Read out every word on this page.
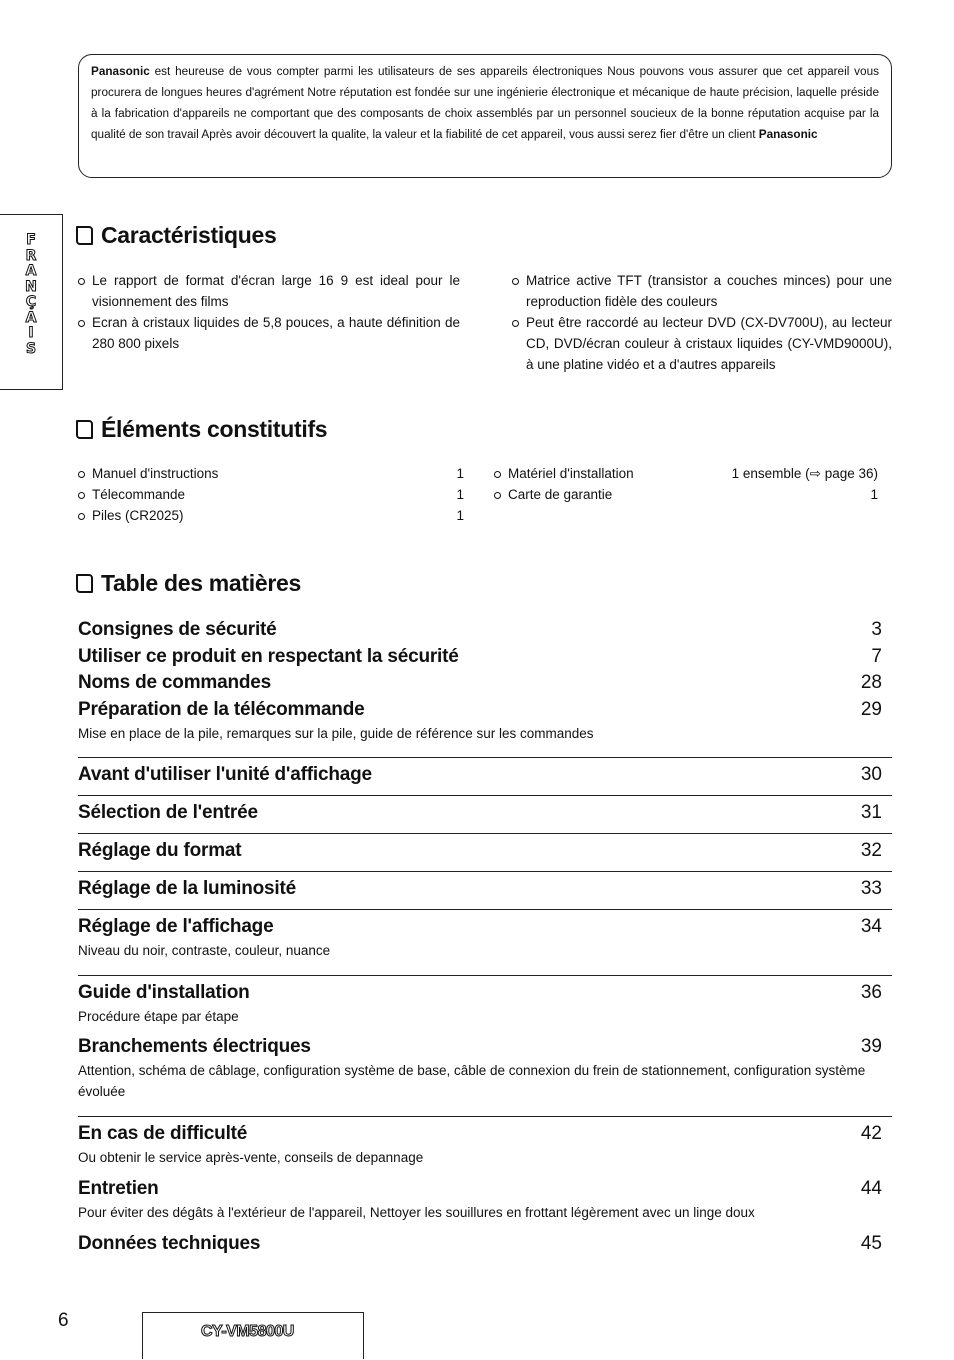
Panasonic est heureuse de vous compter parmi les utilisateurs de ses appareils électroniques Nous pouvons vous assurer que cet appareil vous procurera de longues heures d'agrément Notre réputation est fondée sur une ingénierie électronique et mécanique de haute précision, laquelle préside à la fabrication d'appareils ne comportant que des composants de choix assemblés par un personnel soucieux de la bonne réputation acquise par la qualité de son travail Après avoir découvert la qualite, la valeur et la fiabilité de cet appareil, vous aussi serez fier d'être un client Panasonic

F
R
A
N
Ç
A
I
S
Caractéristiques
Le rapport de format d'écran large 16 9 est ideal pour le visionnement des films
Ecran à cristaux liquides de 5,8 pouces, a haute définition de 280 800 pixels
Matrice active TFT (transistor a couches minces) pour une reproduction fidèle des couleurs
Peut être raccordé au lecteur DVD (CX-DV700U), au lecteur CD, DVD/écran couleur à cristaux liquides (CY-VMD9000U), à une platine vidéo et a d'autres appareils
Éléments constitutifs
Manuel d'instructions	1
Télecommande	1
Piles (CR2025)	1
Matériel d'installation	1 ensemble (⇨ page 36)
Carte de garantie	1
Table des matières
Consignes de sécurité	3
Utiliser ce produit en respectant la sécurité	7
Noms de commandes	28
Préparation de la télécommande	29
Mise en place de la pile, remarques sur la pile, guide de référence sur les commandes
Avant d'utiliser l'unité d'affichage	30
Sélection de l'entrée	31
Réglage du format	32
Réglage de la luminosité	33
Réglage de l'affichage	34
Niveau du noir, contraste, couleur, nuance
Guide d'installation	36
Procédure étape par étape
Branchements électriques	39
Attention, schéma de câblage, configuration système de base, câble de connexion du frein de stationnement, configuration système évoluée
En cas de difficulté	42
Ou obtenir le service après-vente, conseils de depannage
Entretien	44
Pour éviter des dégâts à l'extérieur de l'appareil, Nettoyer les souillures en frottant légèrement avec un linge doux
Données techniques	45
6
CY-VM5800U
